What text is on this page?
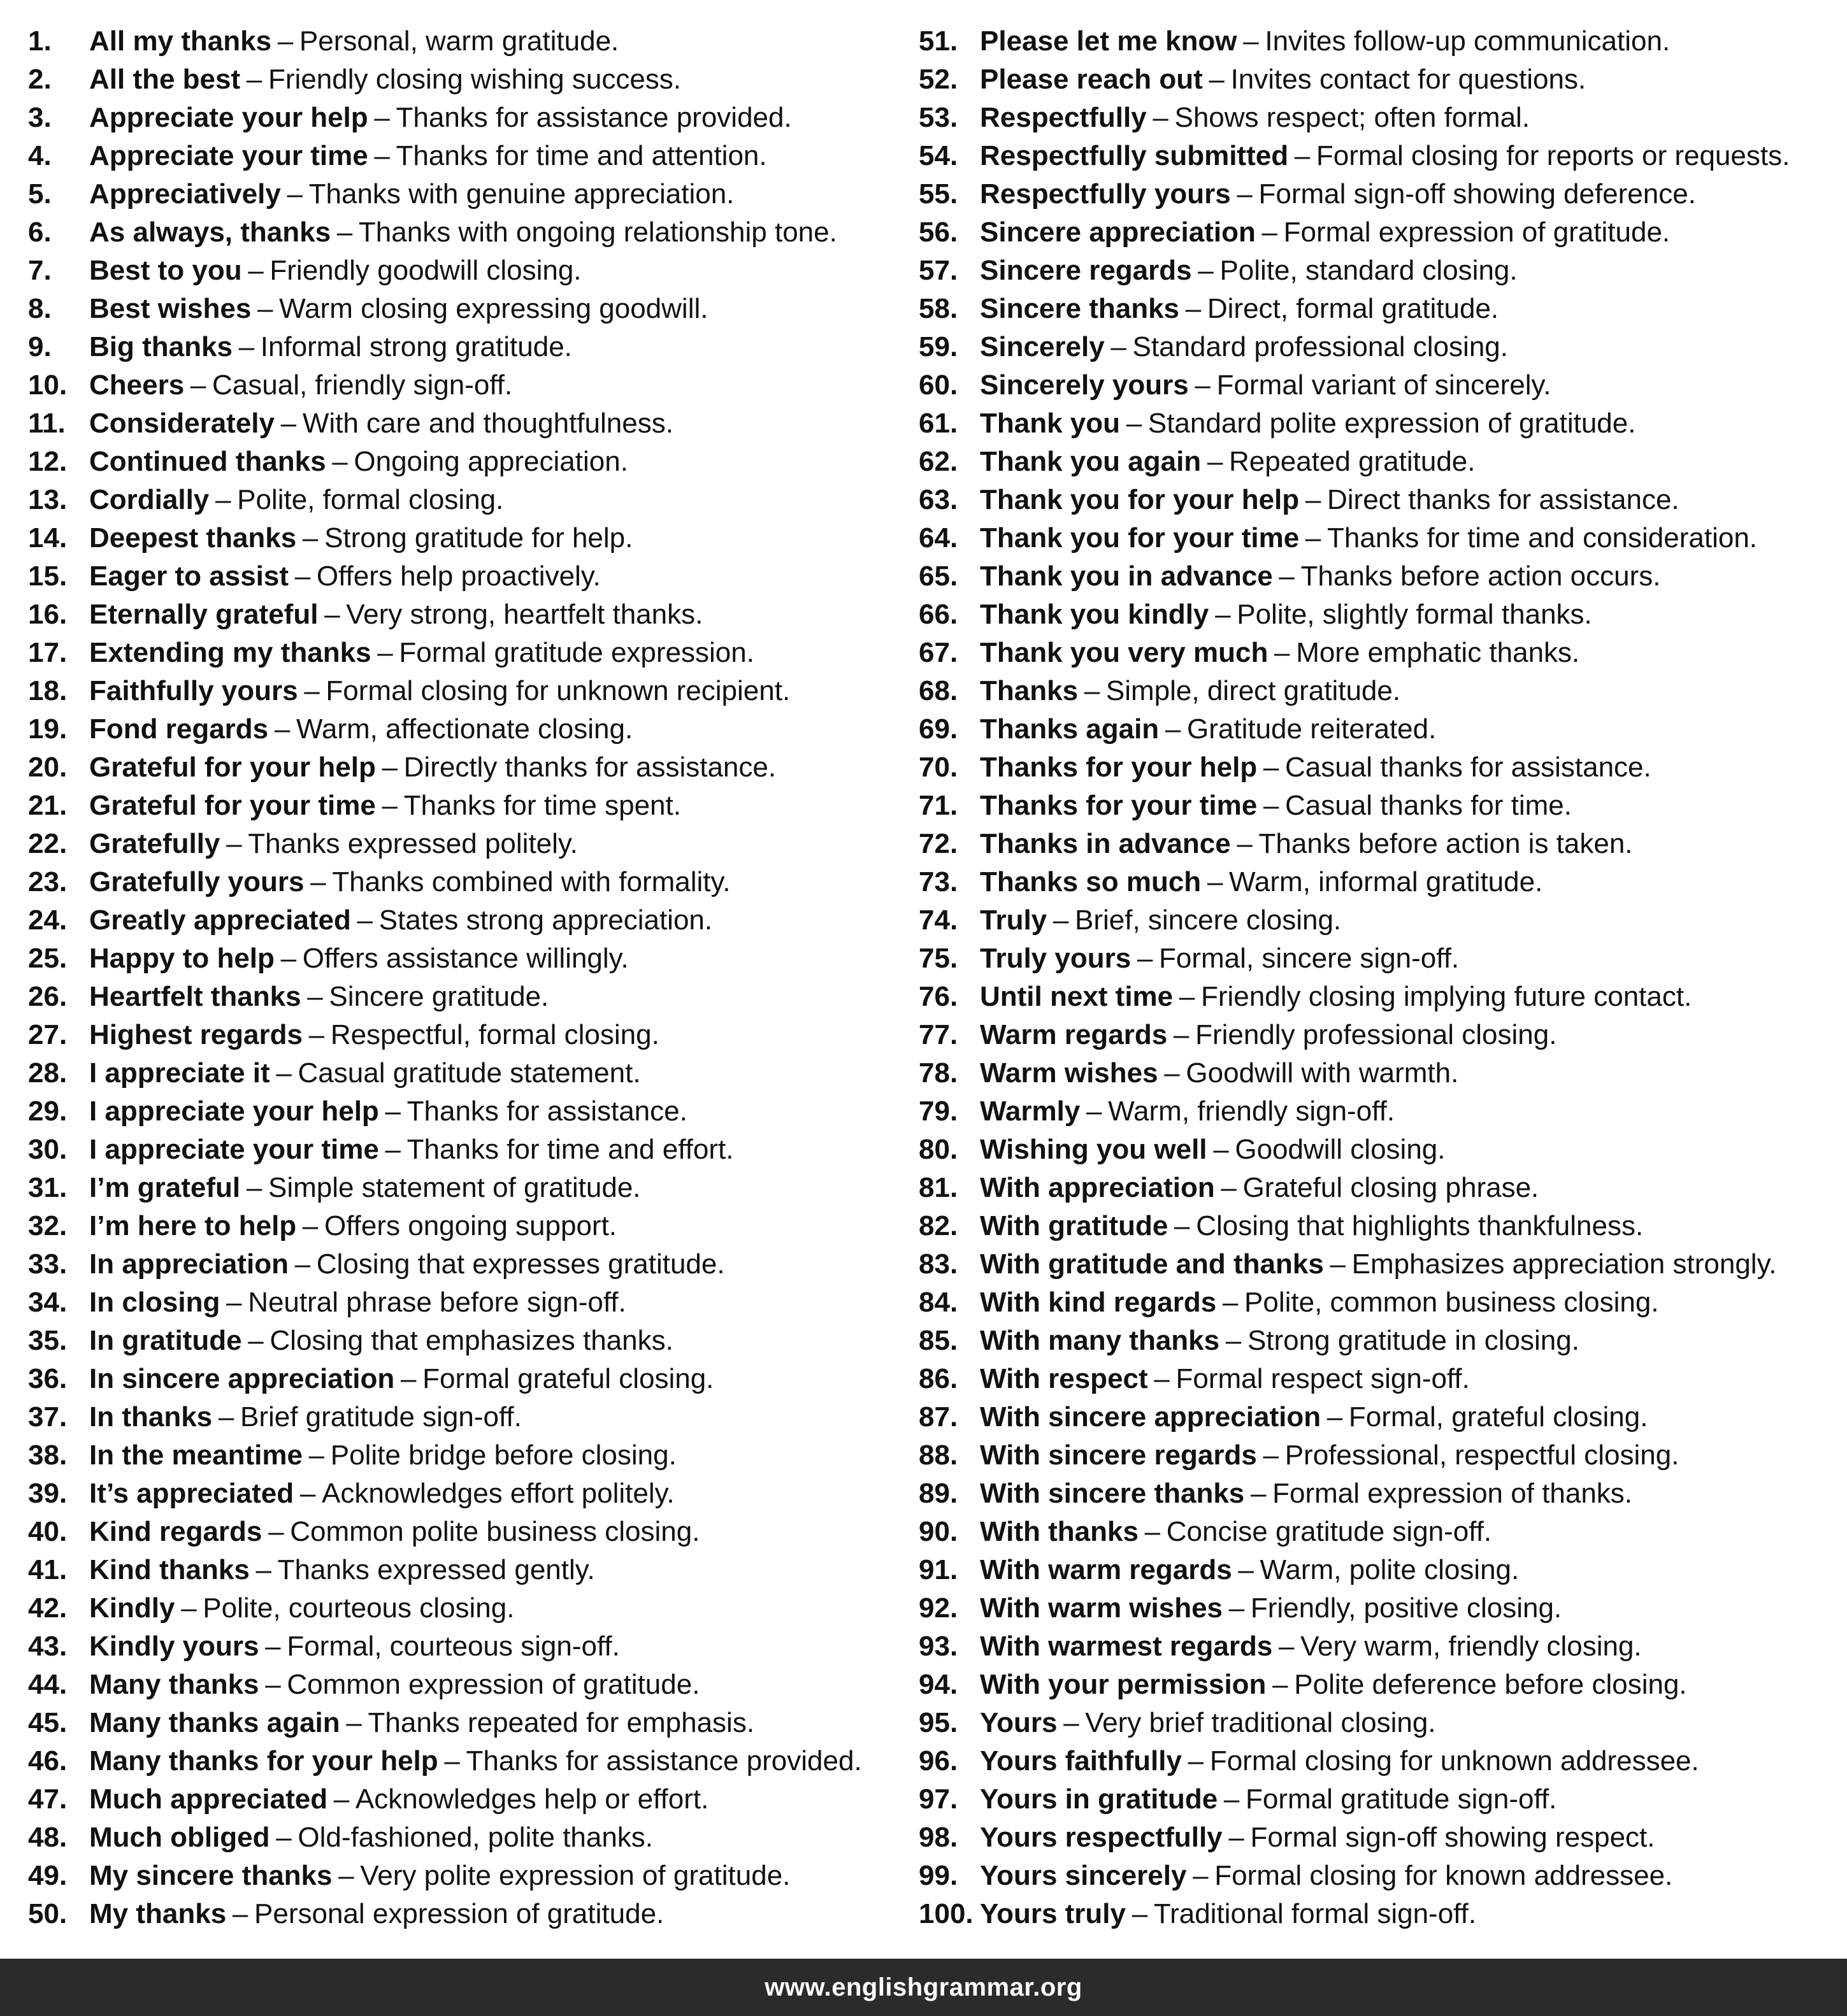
1.	All my thanks – Personal, warm gratitude.
2.	All the best – Friendly closing wishing success.
3.	Appreciate your help – Thanks for assistance provided.
4.	Appreciate your time – Thanks for time and attention.
5.	Appreciatively – Thanks with genuine appreciation.
6.	As always, thanks – Thanks with ongoing relationship tone.
7.	Best to you – Friendly goodwill closing.
8.	Best wishes – Warm closing expressing goodwill.
9.	Big thanks – Informal strong gratitude.
10. Cheers – Casual, friendly sign-off.
11. Considerately – With care and thoughtfulness.
12. Continued thanks – Ongoing appreciation.
13. Cordially – Polite, formal closing.
14. Deepest thanks – Strong gratitude for help.
15. Eager to assist – Offers help proactively.
16. Eternally grateful – Very strong, heartfelt thanks.
17. Extending my thanks – Formal gratitude expression.
18. Faithfully yours – Formal closing for unknown recipient.
19. Fond regards – Warm, affectionate closing.
20. Grateful for your help – Directly thanks for assistance.
21. Grateful for your time – Thanks for time spent.
22. Gratefully – Thanks expressed politely.
23. Gratefully yours – Thanks combined with formality.
24. Greatly appreciated – States strong appreciation.
25. Happy to help – Offers assistance willingly.
26. Heartfelt thanks – Sincere gratitude.
27. Highest regards – Respectful, formal closing.
28. I appreciate it – Casual gratitude statement.
29. I appreciate your help – Thanks for assistance.
30. I appreciate your time – Thanks for time and effort.
31. I’m grateful – Simple statement of gratitude.
32. I’m here to help – Offers ongoing support.
33. In appreciation – Closing that expresses gratitude.
34. In closing – Neutral phrase before sign-off.
35. In gratitude – Closing that emphasizes thanks.
36. In sincere appreciation – Formal grateful closing.
37. In thanks – Brief gratitude sign-off.
38. In the meantime – Polite bridge before closing.
39. It’s appreciated – Acknowledges effort politely.
40. Kind regards – Common polite business closing.
41. Kind thanks – Thanks expressed gently.
42. Kindly – Polite, courteous closing.
43. Kindly yours – Formal, courteous sign-off.
44. Many thanks – Common expression of gratitude.
45. Many thanks again – Thanks repeated for emphasis.
46. Many thanks for your help – Thanks for assistance provided.
47. Much appreciated – Acknowledges help or effort.
48. Much obliged – Old-fashioned, polite thanks.
49. My sincere thanks – Very polite expression of gratitude.
50. My thanks – Personal expression of gratitude.
51. Please let me know – Invites follow-up communication.
52. Please reach out – Invites contact for questions.
53. Respectfully – Shows respect; often formal.
54. Respectfully submitted – Formal closing for reports or requests.
55. Respectfully yours – Formal sign-off showing deference.
56. Sincere appreciation – Formal expression of gratitude.
57. Sincere regards – Polite, standard closing.
58. Sincere thanks – Direct, formal gratitude.
59. Sincerely – Standard professional closing.
60. Sincerely yours – Formal variant of sincerely.
61. Thank you – Standard polite expression of gratitude.
62. Thank you again – Repeated gratitude.
63. Thank you for your help – Direct thanks for assistance.
64. Thank you for your time – Thanks for time and consideration.
65. Thank you in advance – Thanks before action occurs.
66. Thank you kindly – Polite, slightly formal thanks.
67. Thank you very much – More emphatic thanks.
68. Thanks – Simple, direct gratitude.
69. Thanks again – Gratitude reiterated.
70. Thanks for your help – Casual thanks for assistance.
71. Thanks for your time – Casual thanks for time.
72. Thanks in advance – Thanks before action is taken.
73. Thanks so much – Warm, informal gratitude.
74. Truly – Brief, sincere closing.
75. Truly yours – Formal, sincere sign-off.
76. Until next time – Friendly closing implying future contact.
77. Warm regards – Friendly professional closing.
78. Warm wishes – Goodwill with warmth.
79. Warmly – Warm, friendly sign-off.
80. Wishing you well – Goodwill closing.
81. With appreciation – Grateful closing phrase.
82. With gratitude – Closing that highlights thankfulness.
83. With gratitude and thanks – Emphasizes appreciation strongly.
84. With kind regards – Polite, common business closing.
85. With many thanks – Strong gratitude in closing.
86. With respect – Formal respect sign-off.
87. With sincere appreciation – Formal, grateful closing.
88. With sincere regards – Professional, respectful closing.
89. With sincere thanks – Formal expression of thanks.
90. With thanks – Concise gratitude sign-off.
91. With warm regards – Warm, polite closing.
92. With warm wishes – Friendly, positive closing.
93. With warmest regards – Very warm, friendly closing.
94. With your permission – Polite deference before closing.
95. Yours – Very brief traditional closing.
96. Yours faithfully – Formal closing for unknown addressee.
97. Yours in gratitude – Formal gratitude sign-off.
98. Yours respectfully – Formal sign-off showing respect.
99. Yours sincerely – Formal closing for known addressee.
100. Yours truly – Traditional formal sign-off.
www.englishgrammar.org
